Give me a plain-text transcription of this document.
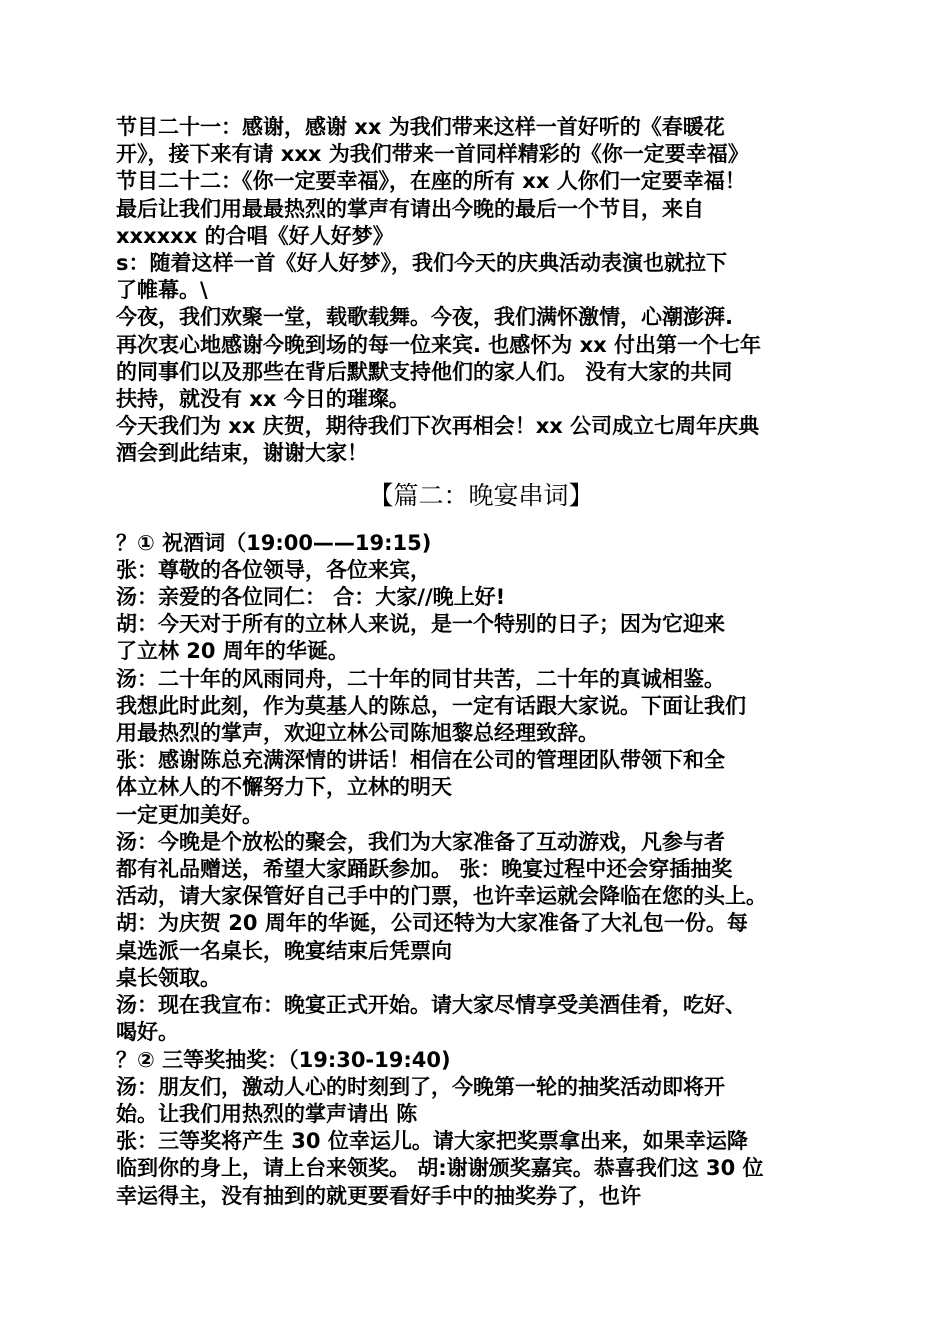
节目二十一：感谢，感谢 xx 为我们带来这样一首好听的《春暖花
开》，接下来有请 xxx 为我们带来一首同样精彩的《你一定要幸福》
节目二十二：《你一定要幸福》，在座的所有 xx 人你们一定要幸福！
最后让我们用最最热烈的掌声有请出今晚的最后一个节目，来自
xxxxxx 的合唱《好人好梦》
s：随着这样一首《好人好梦》，我们今天的庆典活动表演也就拉下
了帷幕。\
今夜，我们欢聚一堂，载歌载舞。今夜，我们满怀激情，心潮澎湃.
再次衷心地感谢今晚到场的每一位来宾. 也感怀为 xx 付出第一个七年
的同事们以及那些在背后默默支持他们的家人们。 没有大家的共同
扶持，就没有 xx 今日的璀璨。
今天我们为 xx 庆贺，期待我们下次再相会！xx 公司成立七周年庆典
酒会到此结束，谢谢大家！
【篇二：晚宴串词】
？① 祝酒词（19:00——19:15)
张：尊敬的各位领导，各位来宾，
汤：亲爱的各位同仁： 合：大家//晚上好!
胡：今天对于所有的立林人来说，是一个特别的日子；因为它迎来
了立林 20 周年的华诞。
汤：二十年的风雨同舟，二十年的同甘共苦，二十年的真诚相鉴。
我想此时此刻，作为莫基人的陈总，一定有话跟大家说。下面让我们
用最热烈的掌声，欢迎立林公司陈旭黎总经理致辞。
张：感谢陈总充满深情的讲话！相信在公司的管理团队带领下和全
体立林人的不懈努力下，立林的明天
一定更加美好。
汤：今晚是个放松的聚会，我们为大家准备了互动游戏，凡参与者
都有礼品赠送，希望大家踊跃参加。 张：晚宴过程中还会穿插抽奖
活动，请大家保管好自己手中的门票，也许幸运就会降临在您的头上。
胡：为庆贺 20 周年的华诞，公司还特为大家准备了大礼包一份。每
桌选派一名桌长，晚宴结束后凭票向
桌长领取。
汤：现在我宣布：晚宴正式开始。请大家尽情享受美酒佳肴，吃好、
喝好。
？② 三等奖抽奖：（19:30-19:40)
汤：朋友们，激动人心的时刻到了，今晚第一轮的抽奖活动即将开
始。让我们用热烈的掌声请出 陈
张：三等奖将产生 30 位幸运儿。请大家把奖票拿出来，如果幸运降
临到你的身上，请上台来领奖。 胡:谢谢颁奖嘉宾。恭喜我们这 30 位
幸运得主，没有抽到的就更要看好手中的抽奖券了，也许
